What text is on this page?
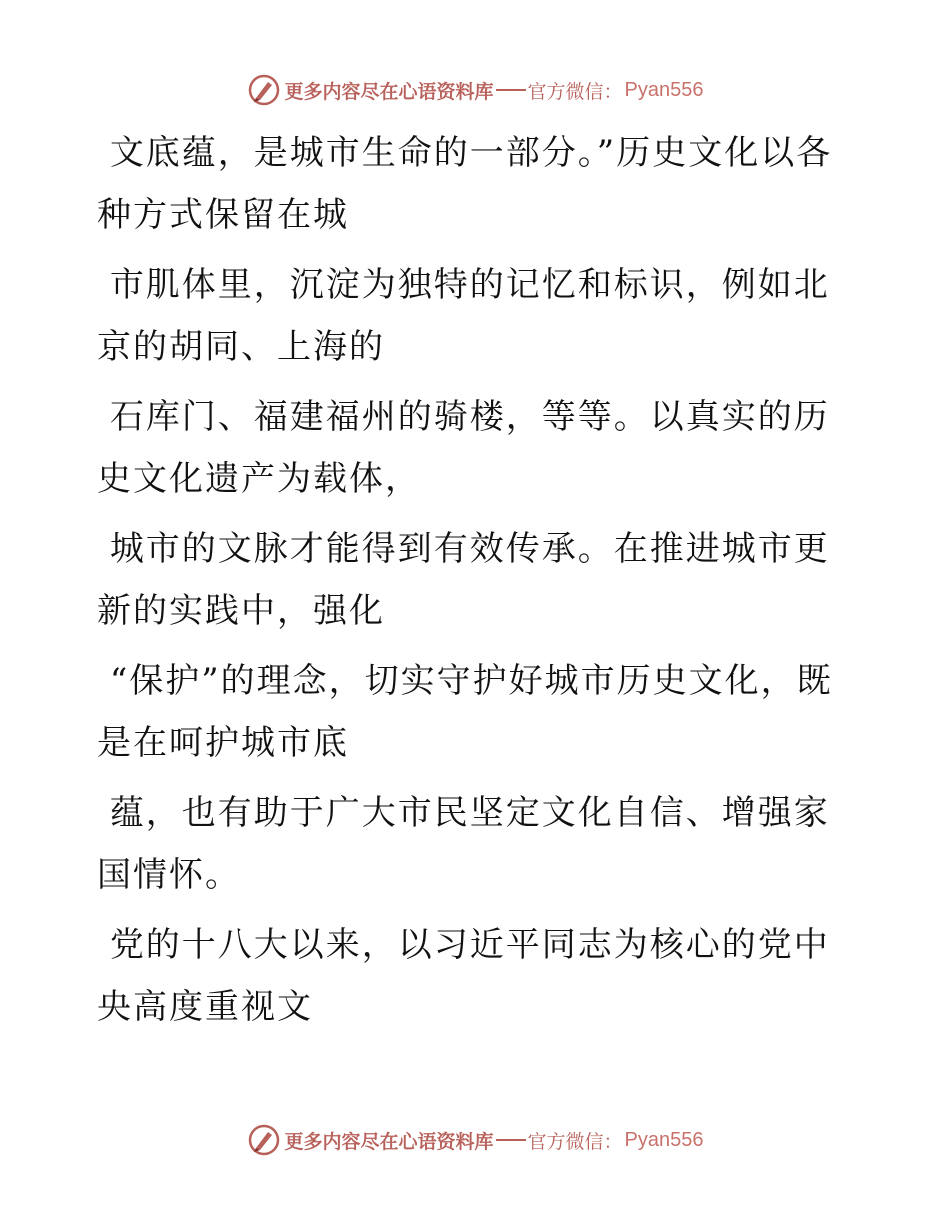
更多内容尽在心语资料库 官方微信： Pyan556

文底蕴，是城市生命的一部分。”历史文化以各种方式保留在城

市肌体里，沉淀为独特的记忆和标识，例如北京的胡同、上海的

石库门、福建福州的骑楼，等等。以真实的历史文化遗产为载体，

城市的文脉才能得到有效传承。在推进城市更新的实践中，强化

“保护”的理念，切实守护好城市历史文化，既是在呵护城市底

蕴，也有助于广大市民坚定文化自信、增强家国情怀。

党的十八大以来，以习近平同志为核心的党中央高度重视文

更多内容尽在心语资料库 官方微信： Pyan556
